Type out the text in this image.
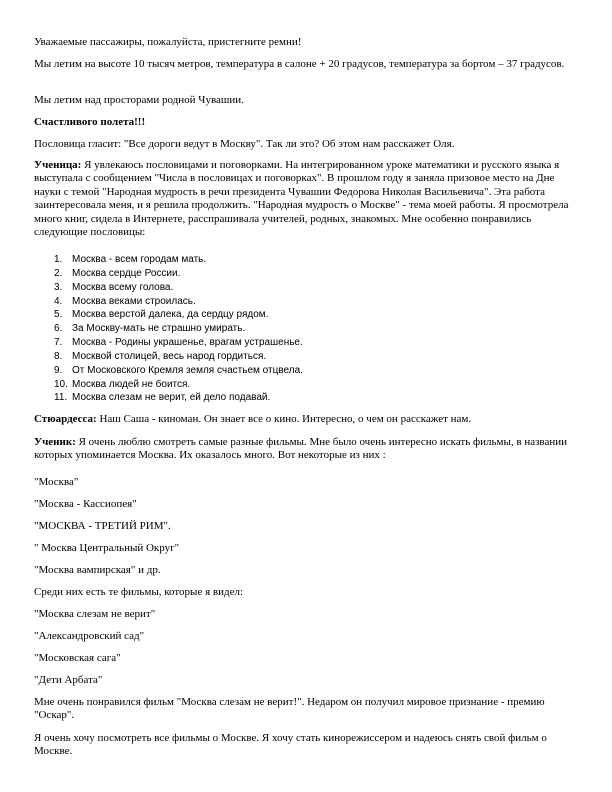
Уважаемые пассажиры, пожалуйста, пристегните ремни!

Мы летим на высоте 10 тысяч метров, температура в салоне + 20 градусов, температура за бортом – 37 градусов.

Мы летим над просторами родной Чувашии.

Счастливого полета!!!

Пословица гласит: "Все дороги ведут в Москву". Так ли это? Об этом нам расскажет Оля.

Ученица: Я увлекаюсь пословицами и поговорками. На интегрированном уроке математики и русского языка я выступала с сообщением "Числа в пословицах и поговорках". В прошлом году я заняла призовое место на Дне науки с темой "Народная мудрость в речи президента Чувашии Федорова Николая Васильевича". Эта работа заинтересовала меня, и я решила продолжить. "Народная мудрость о Москве" - тема моей работы. Я просмотрела много книг, сидела в Интернете, расспрашивала учителей, родных, знакомых. Мне особенно понравились следующие пословицы:

1. Москва - всем городам мать.
2. Москва сердце России.
3. Москва всему голова.
4. Москва веками строилась.
5. Москва верстой далека, да сердцу рядом.
6. За Москву-мать не страшно умирать.
7. Москва - Родины украшенье, врагам устрашенье.
8. Москвой столицей, весь народ гордиться.
9. От Московского Кремля земля счастьем отцвела.
10. Москва людей не боится.
11. Москва слезам не верит, ей дело подавай.

Стюардесса: Наш Саша - киноман. Он знает все о кино. Интересно, о чем он расскажет нам.

Ученик: Я очень люблю смотреть самые разные фильмы. Мне было очень интересно искать фильмы, в названии которых упоминается Москва. Их оказалось много. Вот некоторые из них :

"Москва"

"Москва - Кассиопея"

"МОСКВА - ТРЕТИЙ РИМ".

" Москва Центральный Округ"

"Москва вампирская" и др.

Среди них есть те фильмы, которые я видел:

"Москва слезам не верит"

"Александровский сад"

"Московская сага"

"Дети Арбата"

Мне очень понравился фильм "Москва слезам не верит!". Недаром он получил мировое признание - премию "Оскар".

Я очень хочу посмотреть все фильмы о Москве. Я хочу стать кинорежиссером и надеюсь снять свой фильм о Москве.
